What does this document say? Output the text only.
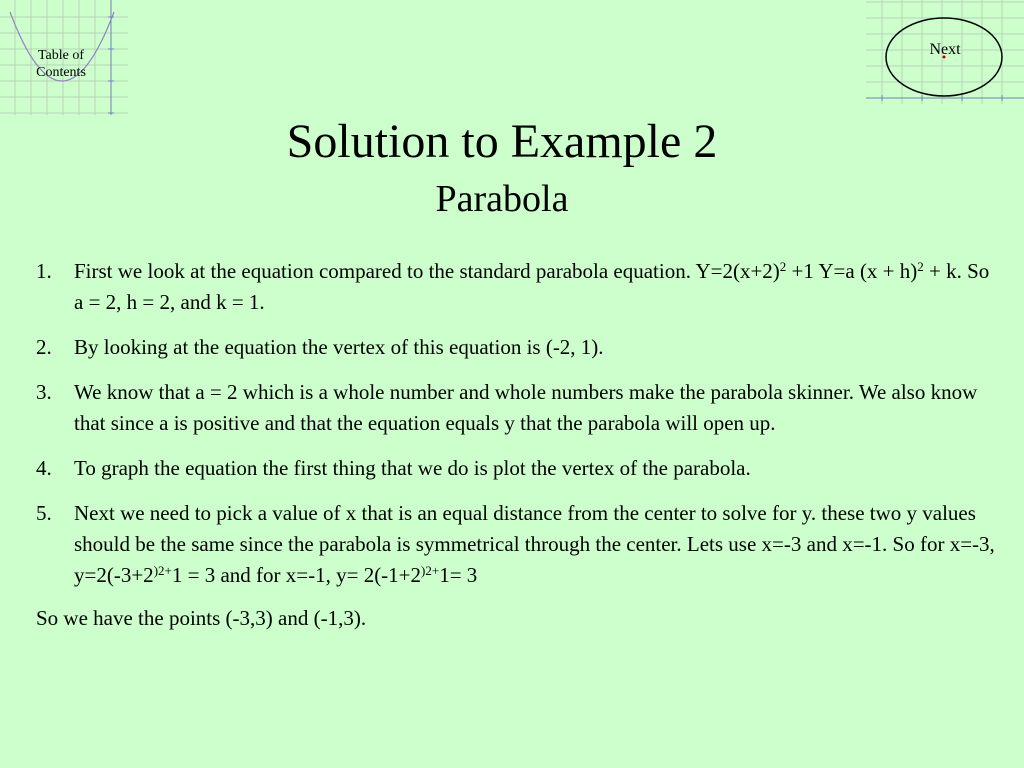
Table of
Contents
Next
Solution to Example 2
Parabola
1.	First we look at the equation compared to the standard parabola equation. $Y=2(x+2)^2 +1$ Y=a $(x + h)^2 + k$. So a = 2, h = 2, and k = 1.
2.	By looking at the equation the vertex of this equation is (-2, 1).
3.	We know that a = 2 which is a whole number and whole numbers make the parabola skinner. We also know that since a is positive and that the equation equals y that the parabola will open up.
4.	To graph the equation the first thing that we do is plot the vertex of the parabola.
5.	Next we need to pick a value of x that is an equal distance from the center to solve for y. these two y values should be the same since the parabola is symmetrical through the center. Lets use x=-3 and x=-1. So for x=-3, $y=2(-3+2^{)2+}1 = 3$ and for x=-1, $y= 2(-1+2^{)2+}1= 3$
So we have the points (-3,3) and (-1,3).
